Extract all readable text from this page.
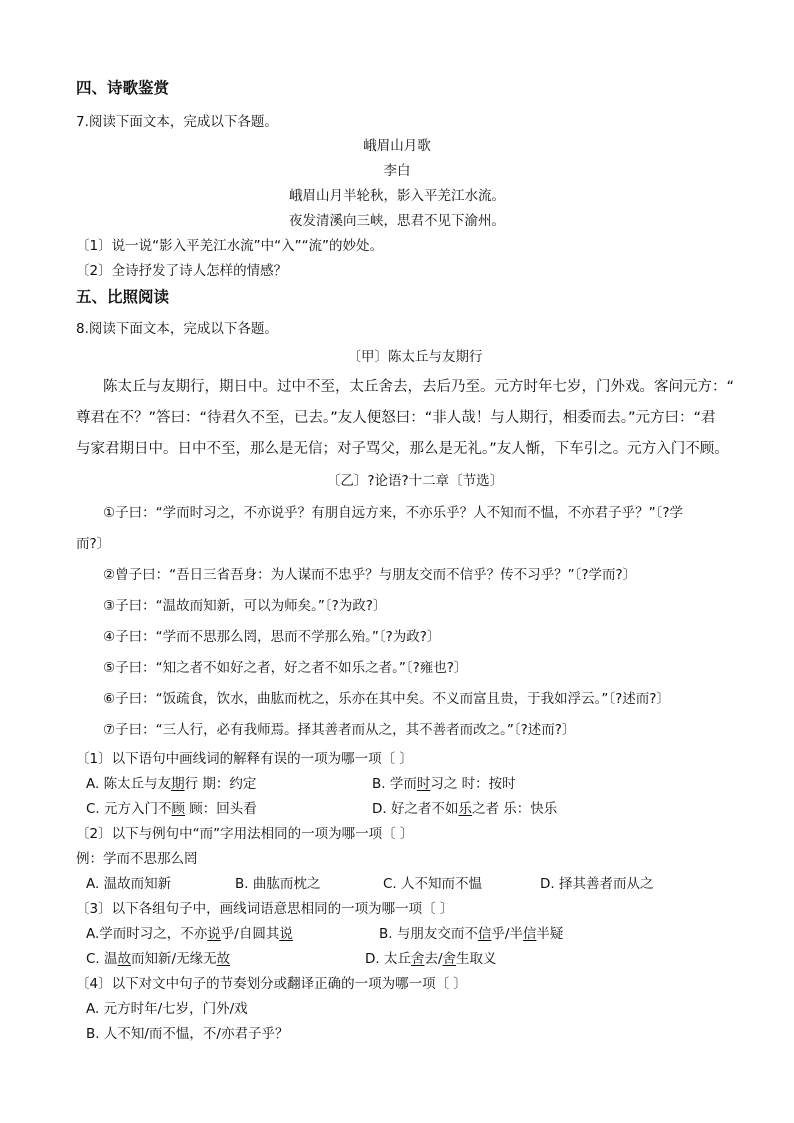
四、诗歌鉴赏
7.阅读下面文本，完成以下各题。
峨眉山月歌
李白
峨眉山月半轮秋，影入平羌江水流。
夜发清溪向三峡，思君不见下渝州。
〔1〕说一说“影入平羌江水流”中“入”“流”的妙处。
〔2〕全诗抒发了诗人怎样的情感？
五、比照阅读
8.阅读下面文本，完成以下各题。
〔甲〕陈太丘与友期行
陈太丘与友期行，期日中。过中不至，太丘舍去，去后乃至。元方时年七岁，门外戏。客问元方：“
尊君在不？”答曰：“待君久不至，已去。”友人便怒曰：“非人哉！与人期行，相委而去。”元方曰：“君
与家君期日中。日中不至，那么是无信；对子骂父，那么是无礼。”友人惭，下车引之。元方入门不顾。
〔乙〕?论语?十二章〔节选〕
①子曰：“学而时习之，不亦说乎？有朋自远方来，不亦乐乎？人不知而不愠，不亦君子乎？”〔?学
而?〕
②曾子曰：“吾日三省吾身：为人谋而不忠乎？与朋友交而不信乎？传不习乎？”〔?学而?〕
③子曰：“温故而知新，可以为师矣。”〔?为政?〕
④子曰：“学而不思那么罔，思而不学那么殆。”〔?为政?〕
⑤子曰：“知之者不如好之者，好之者不如乐之者。”〔?雍也?〕
⑥子曰：“饭疏食，饮水，曲肱而枕之，乐亦在其中矣。不义而富且贵，于我如浮云。”〔?述而?〕
⑦子曰：“三人行，必有我师焉。择其善者而从之，其不善者而改之。”〔?述而?〕
〔1〕以下语句中画线词的解释有误的一项为哪一项〔 〕
A. 陈太丘与友期行 期：约定	B. 学而时习之 时：按时
C. 元方入门不顾 顾：回头看	D. 好之者不如乐之者 乐：快乐
〔2〕以下与例句中“而”字用法相同的一项为哪一项〔 〕
例：学而不思那么罔
A. 温故而知新	B. 曲肱而枕之	C. 人不知而不愠	D. 择其善者而从之
〔3〕以下各组句子中，画线词语意思相同的一项为哪一项〔 〕
A.学而时习之，不亦说乎/自圆其说	B. 与朋友交而不信乎/半信半疑
C. 温故而知新/无缘无故	D. 太丘舍去/舍生取义
〔4〕以下对文中句子的节奏划分或翻译正确的一项为哪一项〔 〕
A. 元方时年/七岁，门外/戏
B. 人不知/而不愠，不/亦君子乎？
